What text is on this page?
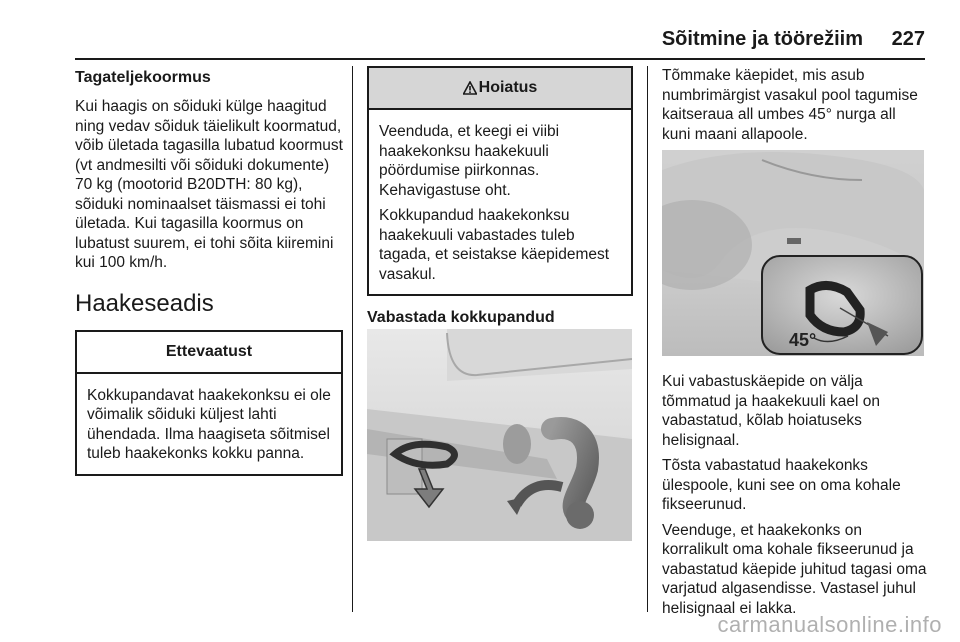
Sõitmine ja töörežiim 227
Tagateljekoormus

Kui haagis on sõiduki külge haagitud ning vedav sõiduk täielikult koormatud, võib ületada tagasilla lubatud koormust (vt andmesilti või sõiduki dokumente) 70 kg (mootorid B20DTH: 80 kg), sõiduki nominaalset täismassi ei tohi ületada. Kui tagasilla koormus on lubatust suurem, ei tohi sõita kiiremini kui 100 km/h.

Haakeseadis
Ettevaatust

Kokkupandavat haakekonksu ei ole võimalik sõiduki küljest lahti ühendada. Ilma haagiseta sõitmisel tuleb haakekonks kokku panna.

Hoiatus

Veenduda, et keegi ei viibi haakekonksu haakekuuli pöördumise piirkonnas. Kehavigastuse oht.

Kokkupandud haakekonksu haakekuuli vabastades tuleb tagada, et seistakse käepidemest vasakul.

Vabastada kokkupandud

Tõmmake käepidet, mis asub numbrimärgist vasakul pool tagumise kaitseraua all umbes 45° nurga all kuni maani allapoole.

45°

Kui vabastuskäepide on välja tõmmatud ja haakekuuli kael on vabastatud, kõlab hoiatuseks helisignaal.

Tõsta vabastatud haakekonks ülespoole, kuni see on oma kohale fikseerunud.

Veenduge, et haakekonks on korralikult oma kohale fikseerunud ja vabastatud käepide juhitud tagasi oma varjatud algasendisse. Vastasel juhul helisignaal ei lakka.

carmanualsonline.info
